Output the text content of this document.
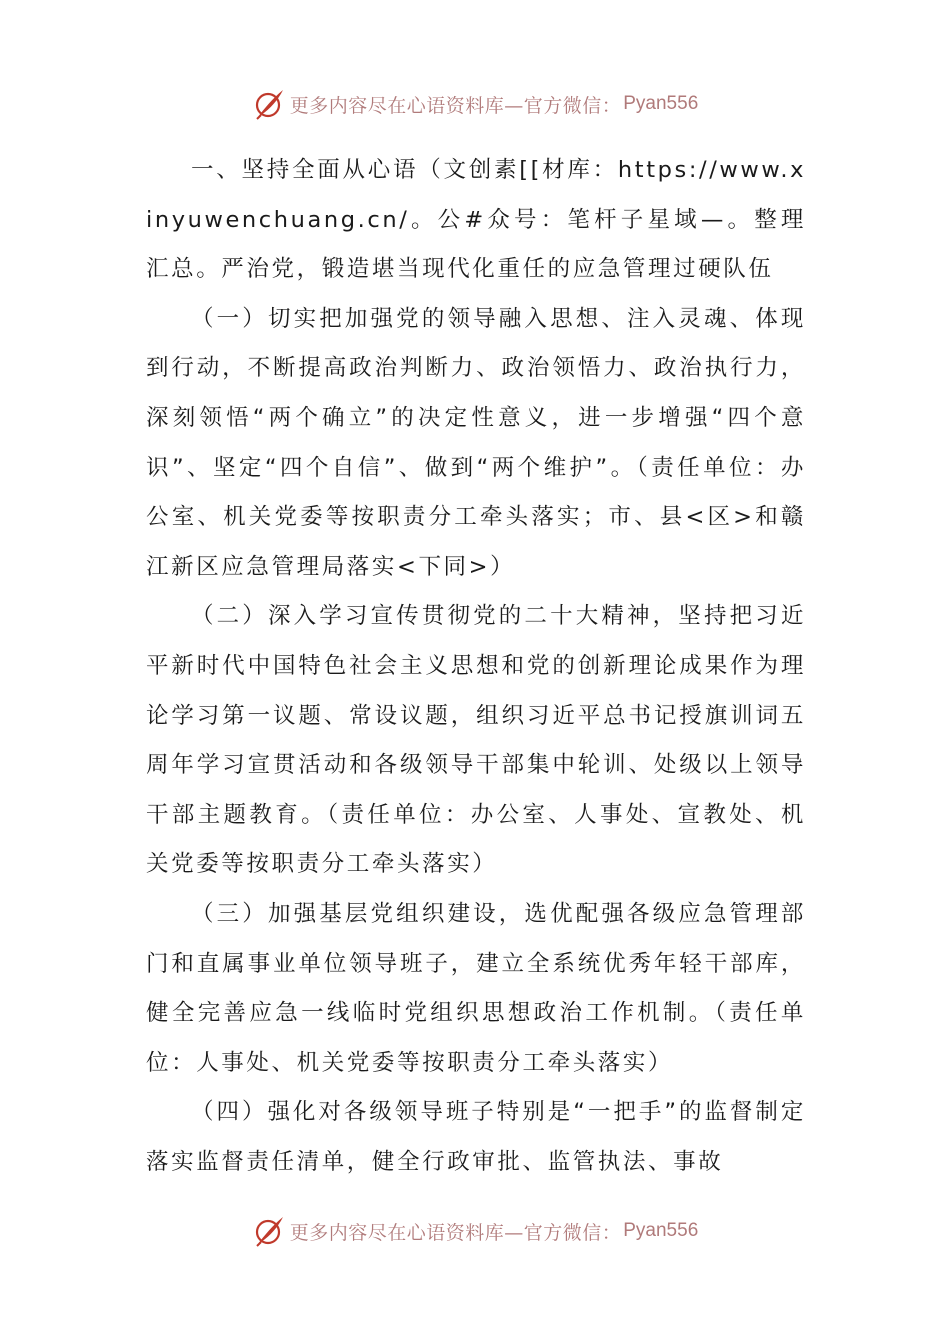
更多内容尽在心语资料库—官方微信： Pyan556

一、坚持全面从心语（文创素[[材库：https://www.xinyuwenchuang.cn/。公#众号：笔杆子星域—。整理汇总。严治党，锻造堪当现代化重任的应急管理过硬队伍

（一）切实把加强党的领导融入思想、注入灵魂、体现到行动，不断提高政治判断力、政治领悟力、政治执行力，深刻领悟“两个确立”的决定性意义，进一步增强“四个意识”、坚定“四个自信”、做到“两个维护”。（责任单位：办公室、机关党委等按职责分工牵头落实；市、县<区>和赣江新区应急管理局落实<下同>）

（二）深入学习宣传贯彻党的二十大精神，坚持把习近平新时代中国特色社会主义思想和党的创新理论成果作为理论学习第一议题、常设议题，组织习近平总书记授旗训词五周年学习宣贯活动和各级领导干部集中轮训、处级以上领导干部主题教育。（责任单位：办公室、人事处、宣教处、机关党委等按职责分工牵头落实）

（三）加强基层党组织建设，选优配强各级应急管理部门和直属事业单位领导班子，建立全系统优秀年轻干部库，健全完善应急一线临时党组织思想政治工作机制。（责任单位：人事处、机关党委等按职责分工牵头落实）

（四）强化对各级领导班子特别是“一把手”的监督制定落实监督责任清单，健全行政审批、监管执法、事故

更多内容尽在心语资料库—官方微信： Pyan556
